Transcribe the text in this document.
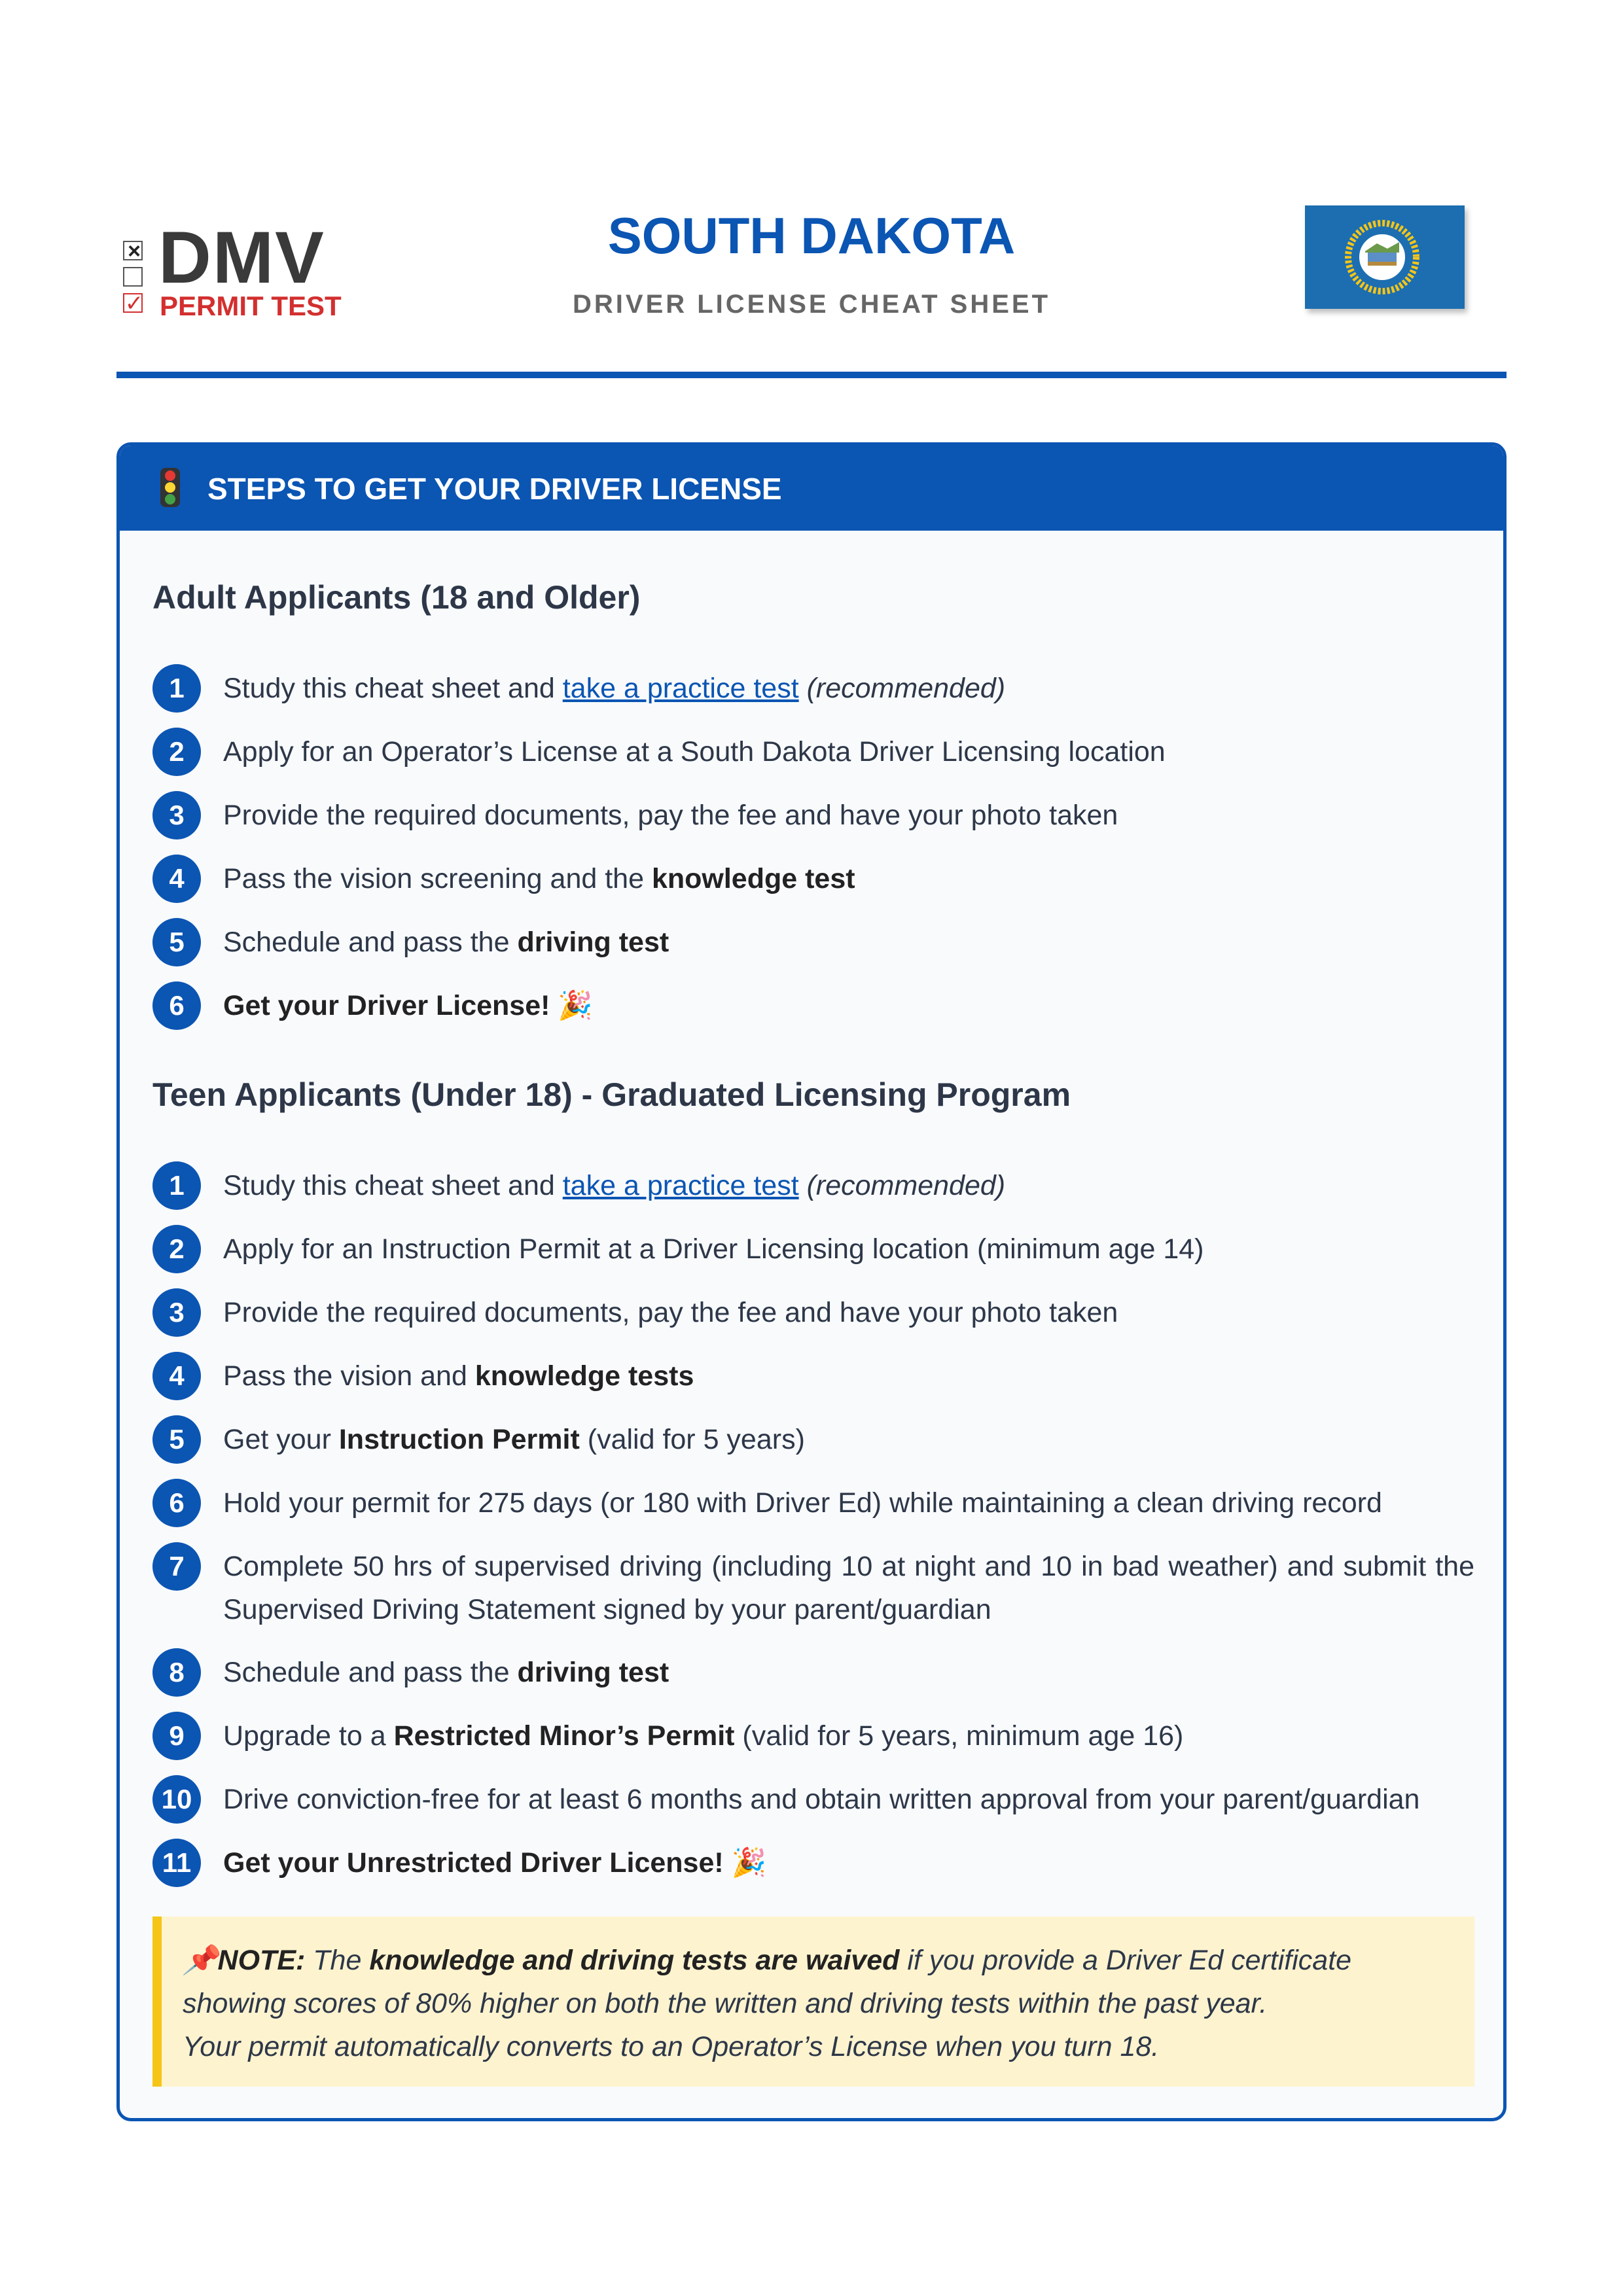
×
✓
DMV
PERMIT TEST
SOUTH DAKOTA
DRIVER LICENSE CHEAT SHEET
STEPS TO GET YOUR DRIVER LICENSE
Adult Applicants (18 and Older)
1	Study this cheat sheet and take a practice test (recommended)
2	Apply for an Operator’s License at a South Dakota Driver Licensing location
3	Provide the required documents, pay the fee and have your photo taken
4	Pass the vision screening and the knowledge test
5	Schedule and pass the driving test
6	Get your Driver License! 🎉
Teen Applicants (Under 18) - Graduated Licensing Program
1	Study this cheat sheet and take a practice test (recommended)
2	Apply for an Instruction Permit at a Driver Licensing location (minimum age 14)
3	Provide the required documents, pay the fee and have your photo taken
4	Pass the vision and knowledge tests
5	Get your Instruction Permit (valid for 5 years)
6	Hold your permit for 275 days (or 180 with Driver Ed) while maintaining a clean driving record
7	Complete 50 hrs of supervised driving (including 10 at night and 10 in bad weather) and submit the Supervised Driving Statement signed by your parent/guardian
8	Schedule and pass the driving test
9	Upgrade to a Restricted Minor’s Permit (valid for 5 years, minimum age 16)
10	Drive conviction-free for at least 6 months and obtain written approval from your parent/guardian
11	Get your Unrestricted Driver License! 🎉
📌NOTE: The knowledge and driving tests are waived if you provide a Driver Ed certificate showing scores of 80% higher on both the written and driving tests within the past year.
Your permit automatically converts to an Operator’s License when you turn 18.
